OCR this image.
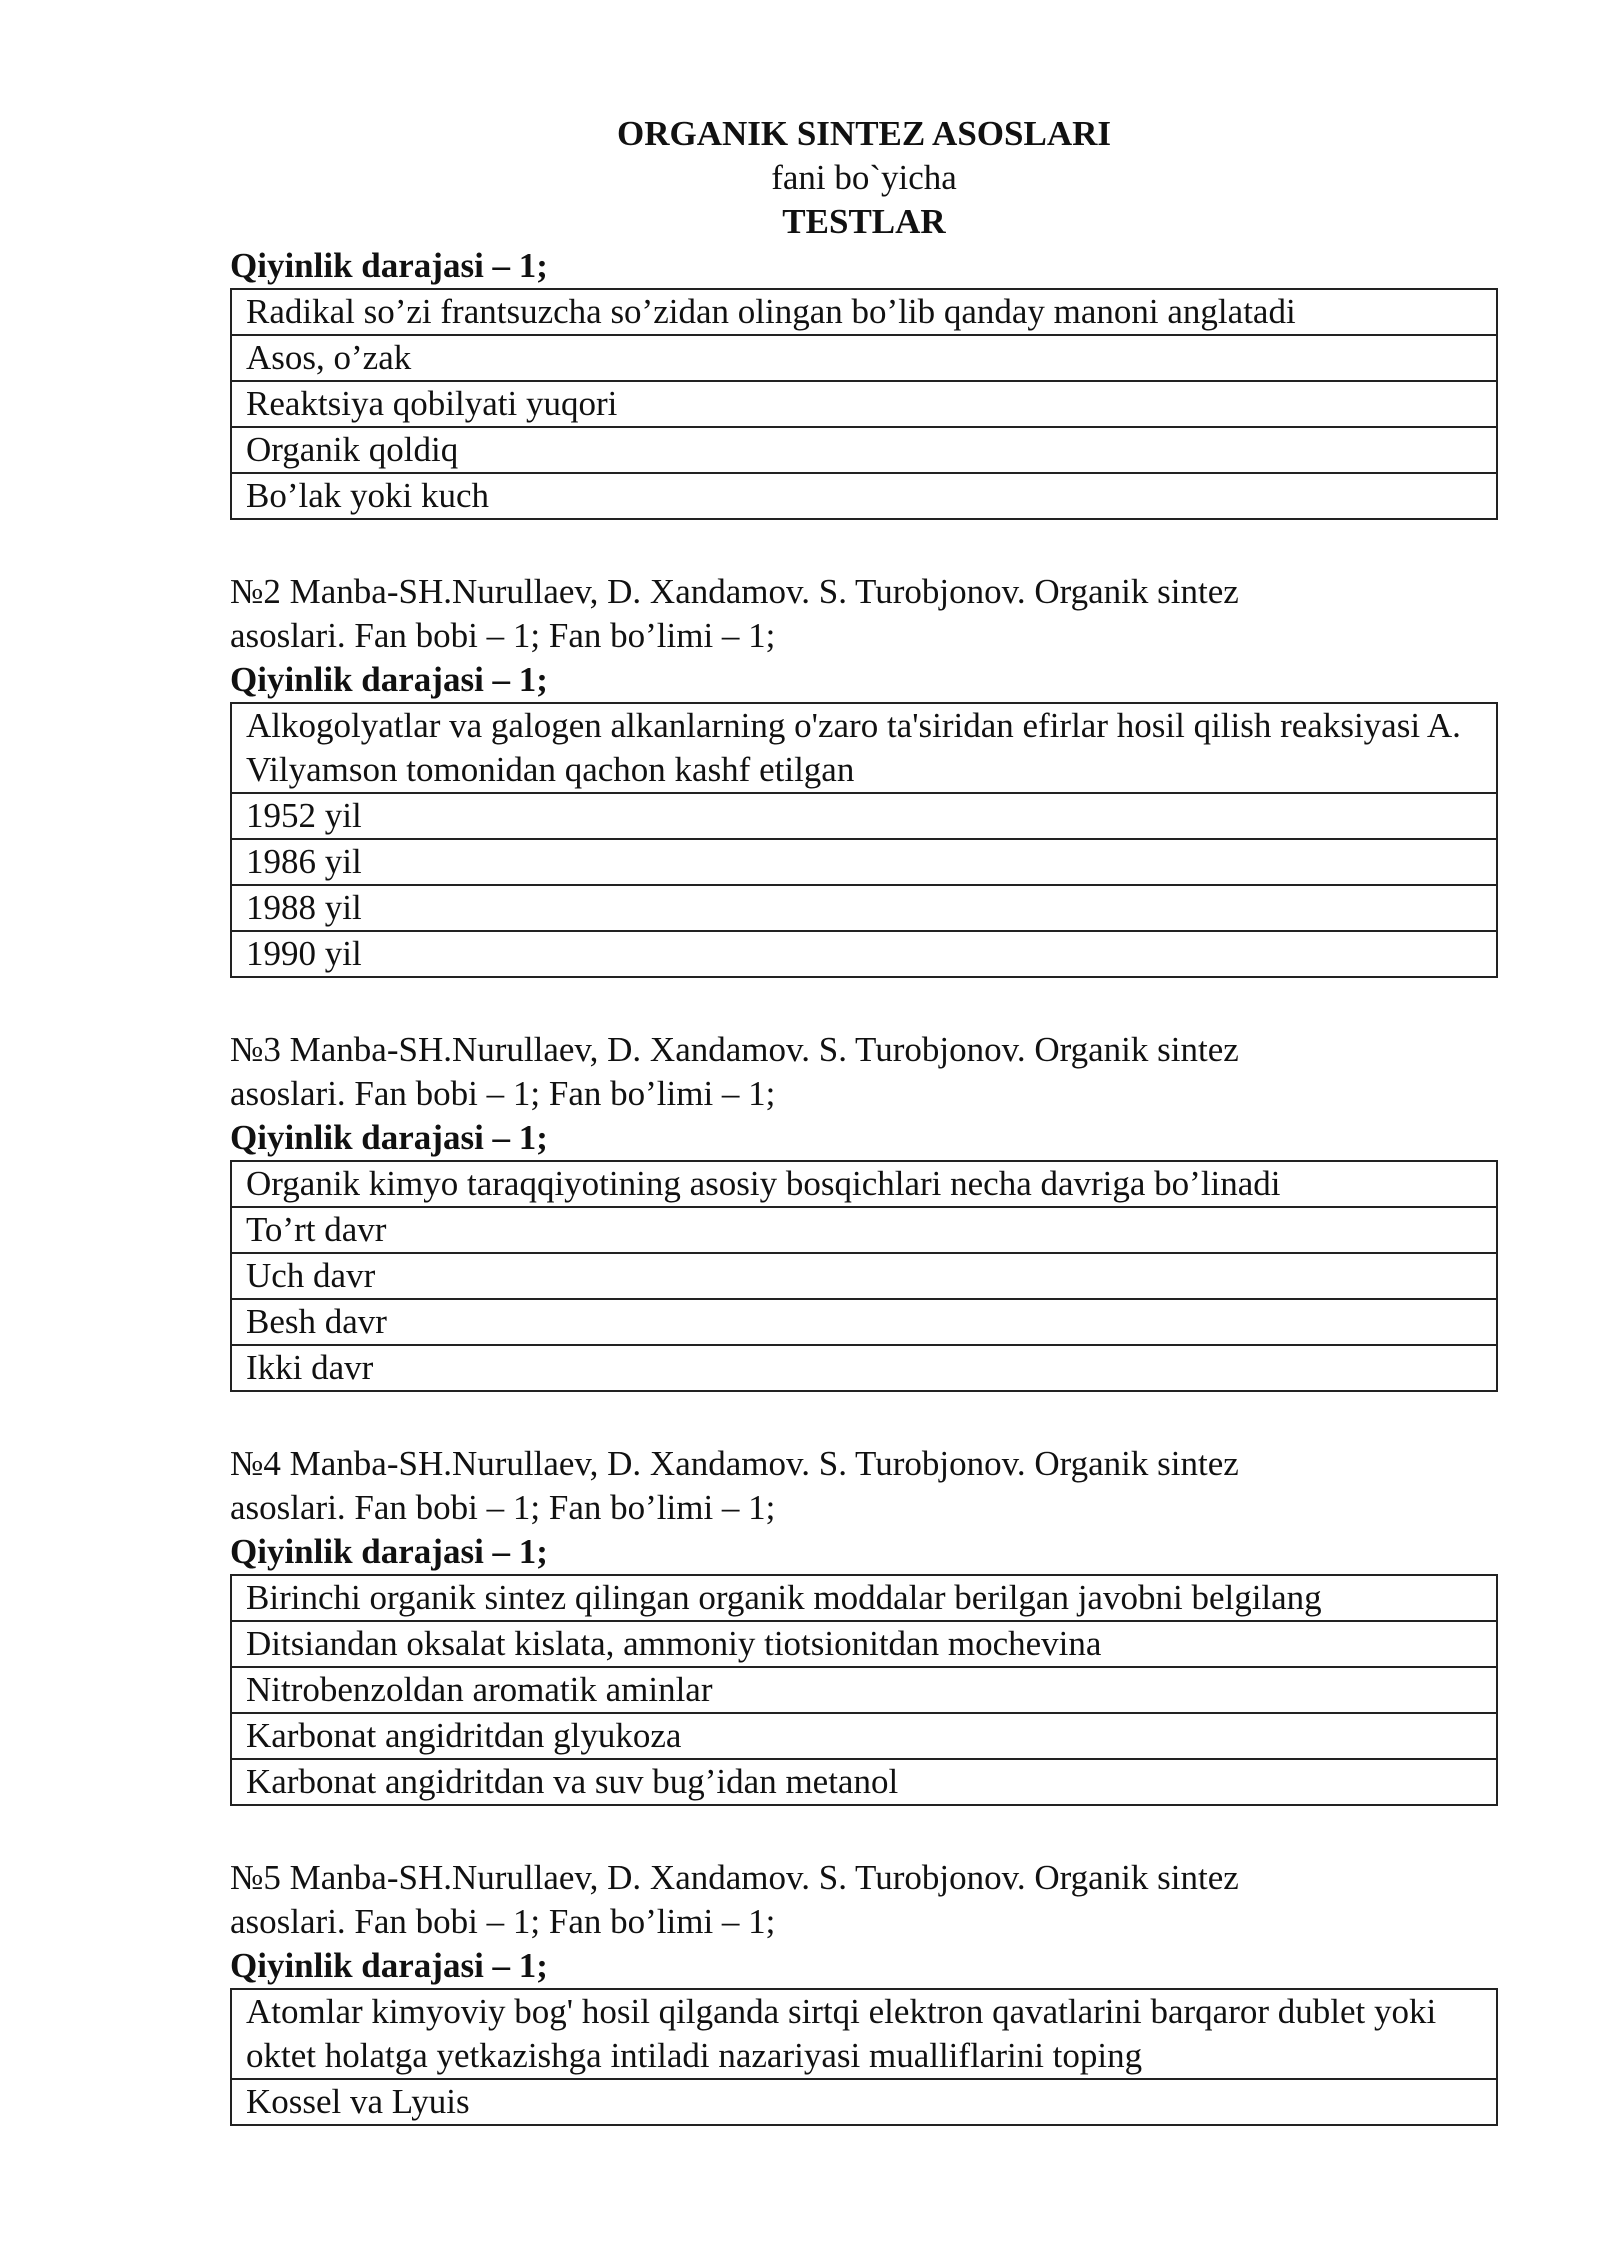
ORGANIK SINTEZ ASOSLARI
fani bo`yicha
TESTLAR
Qiyinlik darajasi – 1;
Radikal so’zi frantsuzcha so’zidan olingan bo’lib qanday manoni anglatadi
Asos, o’zak
Reaktsiya qobilyati yuqori
Organik qoldiq
Bo’lak yoki kuch
№2 Manba-SH.Nurullaev, D. Xandamov. S. Turobjonov. Organik sintez
asoslari. Fan bobi – 1; Fan bo’limi – 1;
Qiyinlik darajasi – 1;
Alkogolyatlar va galogen alkanlarning o'zaro ta'siridan efirlar hosil qilish reaksiyasi A. Vilyamson tomonidan qachon kashf etilgan
1952 yil
1986 yil
1988 yil
1990 yil
№3 Manba-SH.Nurullaev, D. Xandamov. S. Turobjonov. Organik sintez
asoslari. Fan bobi – 1; Fan bo’limi – 1;
Qiyinlik darajasi – 1;
Organik kimyo taraqqiyotining asosiy bosqichlari necha davriga bo’linadi
To’rt davr
Uch davr
Besh davr
Ikki davr
№4 Manba-SH.Nurullaev, D. Xandamov. S. Turobjonov. Organik sintez
asoslari. Fan bobi – 1; Fan bo’limi – 1;
Qiyinlik darajasi – 1;
Birinchi organik sintez qilingan organik moddalar berilgan javobni belgilang
Ditsiandan oksalat kislata, ammoniy tiotsionitdan mochevina
Nitrobenzoldan aromatik aminlar
Karbonat angidritdan glyukoza
Karbonat angidritdan va suv bug’idan metanol
№5 Manba-SH.Nurullaev, D. Xandamov. S. Turobjonov. Organik sintez
asoslari. Fan bobi – 1; Fan bo’limi – 1;
Qiyinlik darajasi – 1;
Atomlar kimyoviy bog' hosil qilganda sirtqi elektron qavatlarini barqaror dublet yoki oktet holatga yetkazishga intiladi nazariyasi mualliflarini toping
Kossel va Lyuis
